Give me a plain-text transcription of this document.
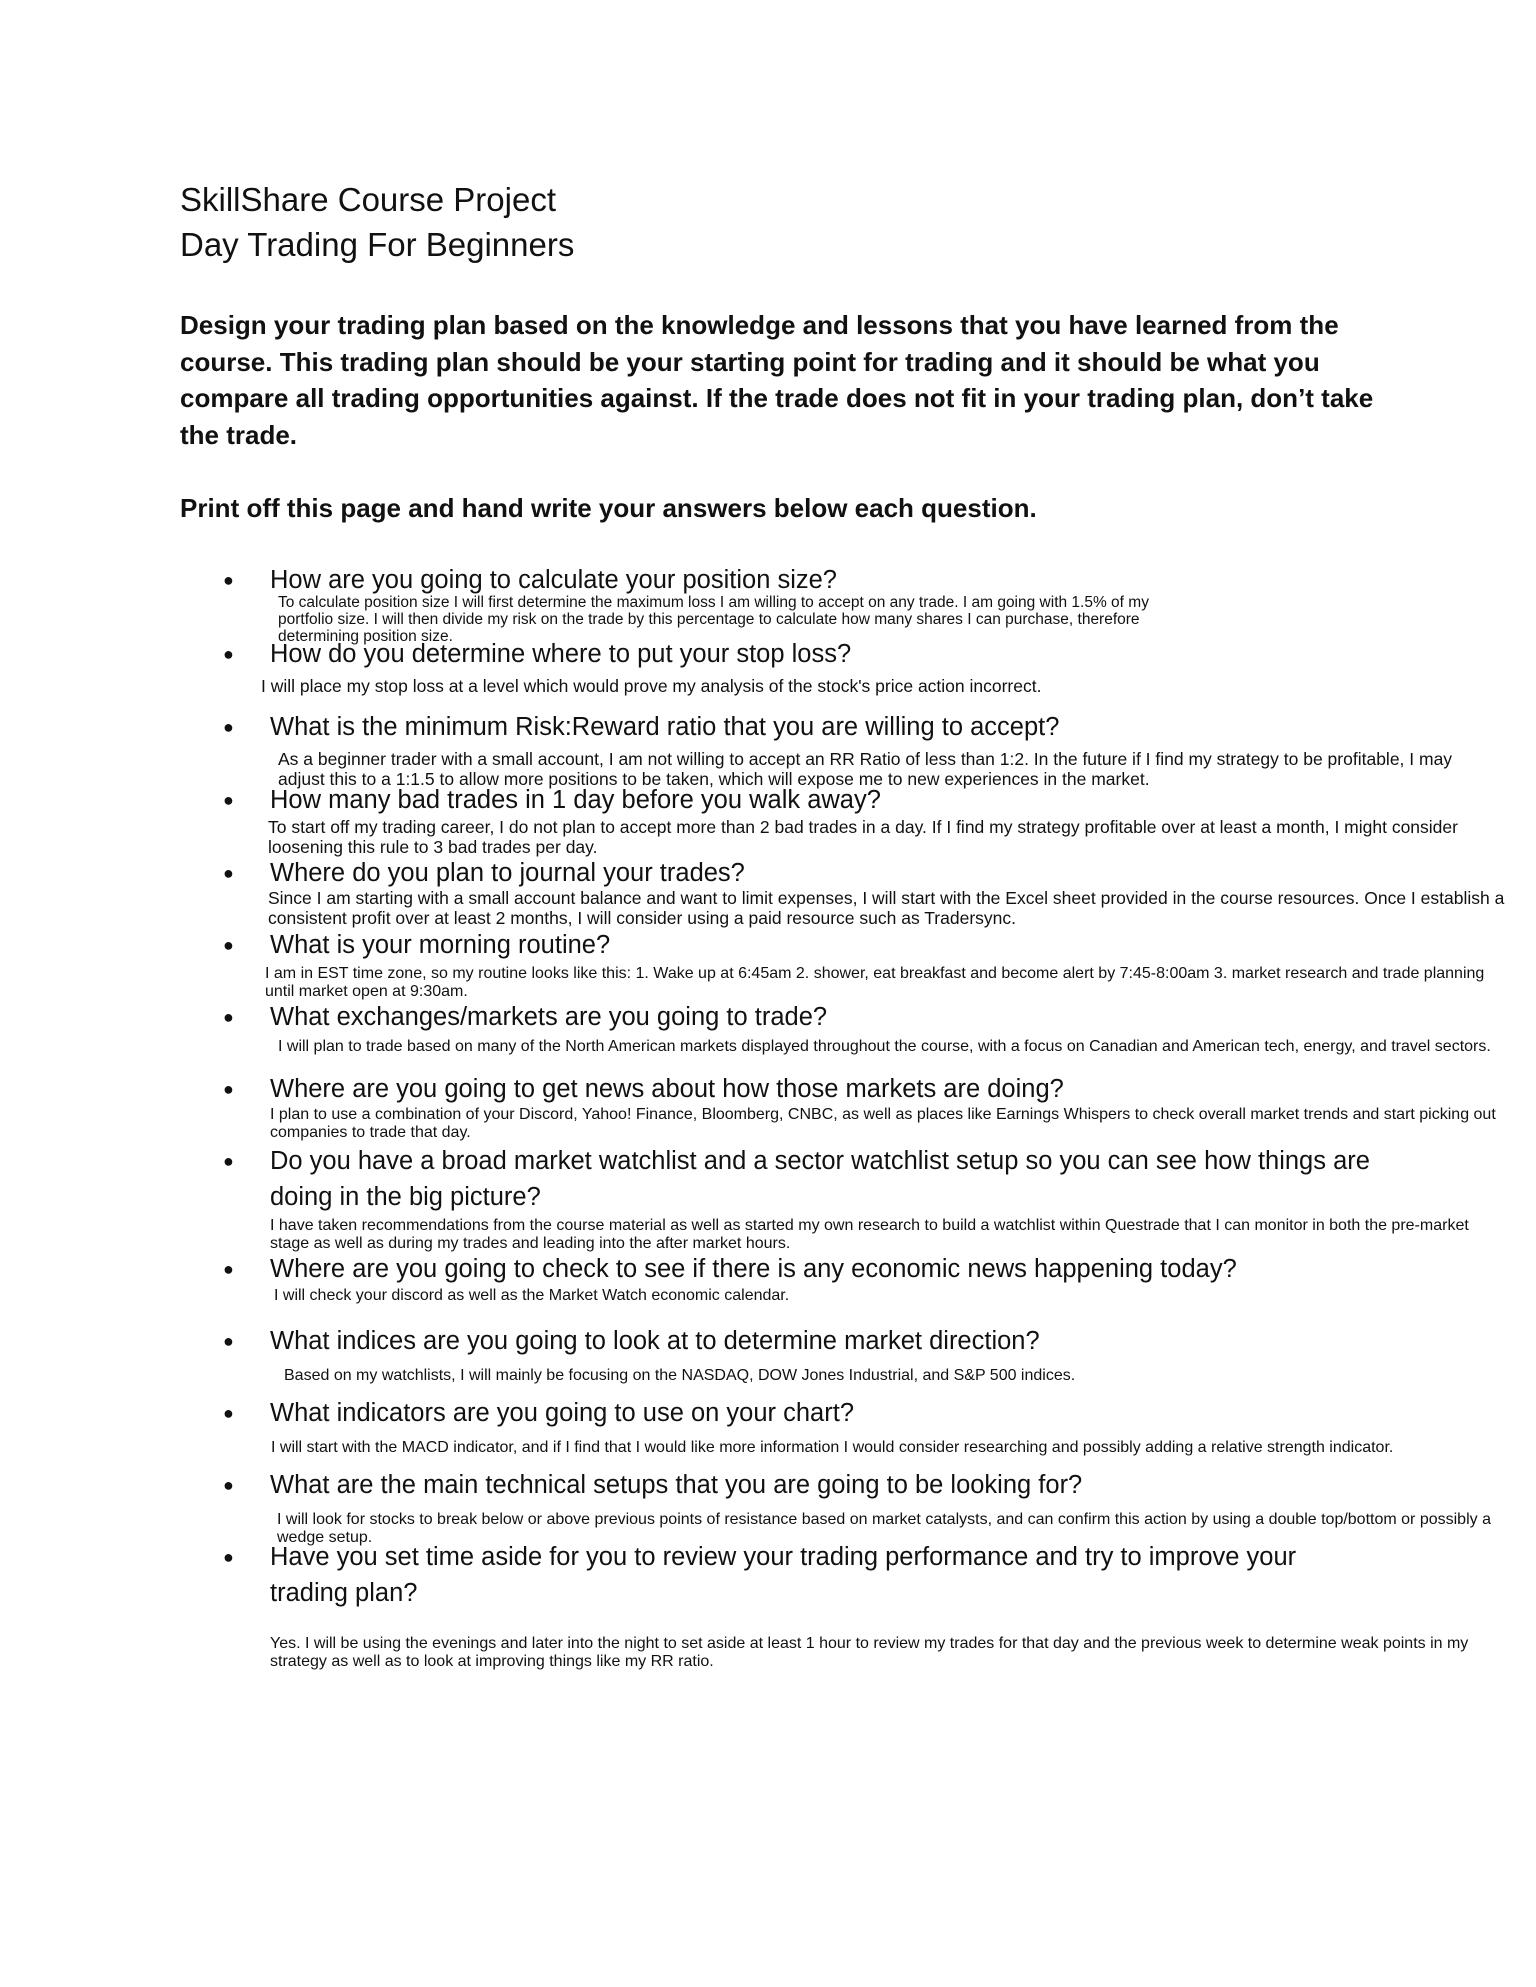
SkillShare Course Project
Day Trading For Beginners
Design your trading plan based on the knowledge and lessons that you have learned from the course. This trading plan should be your starting point for trading and it should be what you compare all trading opportunities against. If the trade does not fit in your trading plan, don’t take the trade.
Print off this page and hand write your answers below each question.
● How are you going to calculate your position size?
To calculate position size I will first determine the maximum loss I am willing to accept on any trade. I am going with 1.5% of my portfolio size. I will then divide my risk on the trade by this percentage to calculate how many shares I can purchase, therefore determining position size.
● How do you determine where to put your stop loss?
I will place my stop loss at a level which would prove my analysis of the stock's price action incorrect.
● What is the minimum Risk:Reward ratio that you are willing to accept?
As a beginner trader with a small account, I am not willing to accept an RR Ratio of less than 1:2. In the future if I find my strategy to be profitable, I may adjust this to a 1:1.5 to allow more positions to be taken, which will expose me to new experiences in the market.
● How many bad trades in 1 day before you walk away?
To start off my trading career, I do not plan to accept more than 2 bad trades in a day. If I find my strategy profitable over at least a month, I might consider loosening this rule to 3 bad trades per day.
● Where do you plan to journal your trades?
Since I am starting with a small account balance and want to limit expenses, I will start with the Excel sheet provided in the course resources. Once I establish a consistent profit over at least 2 months, I will consider using a paid resource such as Tradersync.
● What is your morning routine?
I am in EST time zone, so my routine looks like this: 1. Wake up at 6:45am 2. shower, eat breakfast and become alert by 7:45-8:00am 3. market research and trade planning until market open at 9:30am.
● What exchanges/markets are you going to trade?
I will plan to trade based on many of the North American markets displayed throughout the course, with a focus on Canadian and American tech, energy, and travel sectors.
● Where are you going to get news about how those markets are doing?
I plan to use a combination of your Discord, Yahoo! Finance, Bloomberg, CNBC, as well as places like Earnings Whispers to check overall market trends and start picking out companies to trade that day.
● Do you have a broad market watchlist and a sector watchlist setup so you can see how things are doing in the big picture?
I have taken recommendations from the course material as well as started my own research to build a watchlist within Questrade that I can monitor in both the pre-market stage as well as during my trades and leading into the after market hours.
● Where are you going to check to see if there is any economic news happening today?
I will check your discord as well as the Market Watch economic calendar.
● What indices are you going to look at to determine market direction?
Based on my watchlists, I will mainly be focusing on the NASDAQ, DOW Jones Industrial, and S&P 500 indices.
● What indicators are you going to use on your chart?
I will start with the MACD indicator, and if I find that I would like more information I would consider researching and possibly adding a relative strength indicator.
● What are the main technical setups that you are going to be looking for?
I will look for stocks to break below or above previous points of resistance based on market catalysts, and can confirm this action by using a double top/bottom or possibly a wedge setup.
● Have you set time aside for you to review your trading performance and try to improve your trading plan?
Yes. I will be using the evenings and later into the night to set aside at least 1 hour to review my trades for that day and the previous week to determine weak points in my strategy as well as to look at improving things like my RR ratio.
